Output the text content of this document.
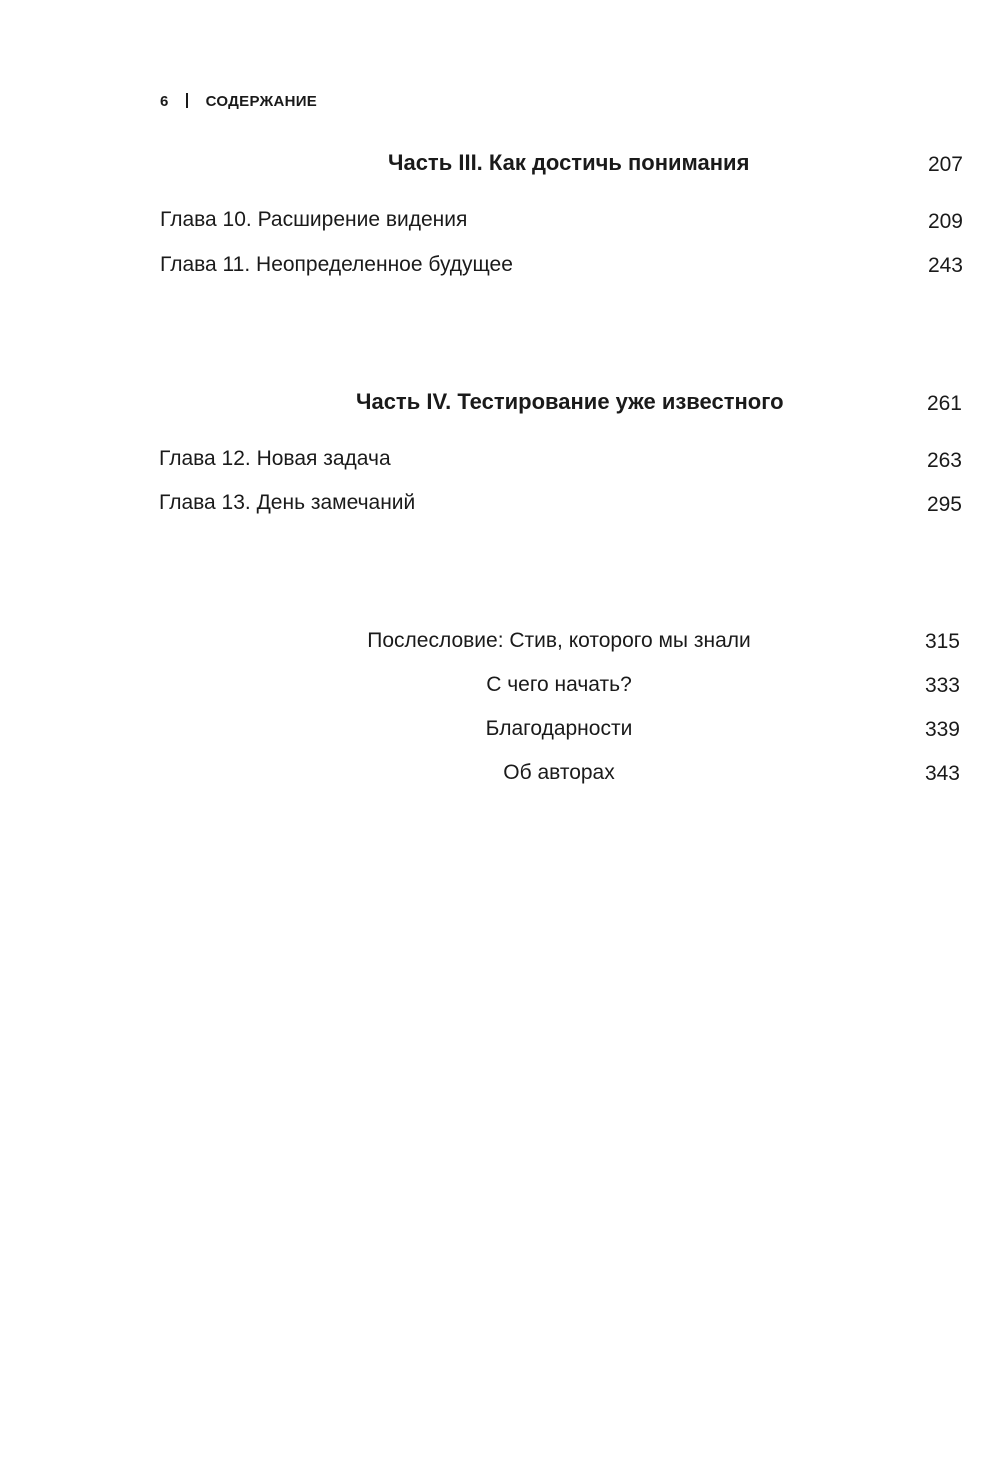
6 СОДЕРЖАНИЕ
Часть III. Как достичь понимания	207
Глава 10. Расширение видения	209
Глава 11. Неопределенное будущее	243
Часть IV. Тестирование уже известного	261
Глава 12. Новая задача	263
Глава 13. День замечаний	295
Послесловие: Стив, которого мы знали	315
С чего начать?	333
Благодарности	339
Об авторах	343
